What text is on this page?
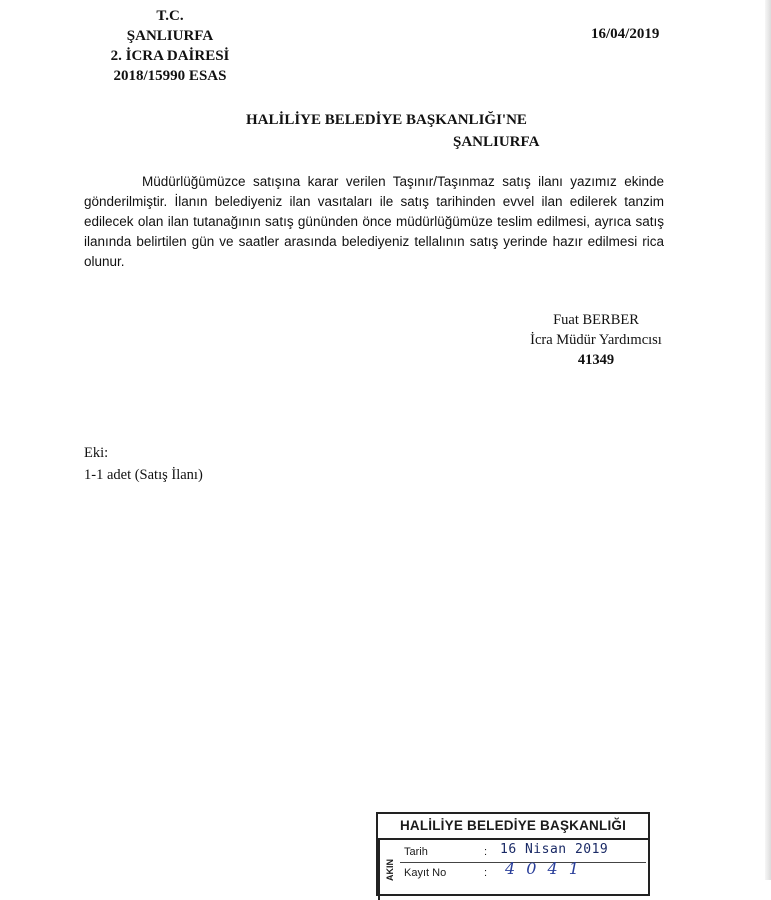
T.C.
ŞANLIURFA
2. İCRA DAİRESİ
2018/15990 ESAS
16/04/2019
HALİLİYE BELEDİYE BAŞKANLIĞI'NE
ŞANLIURFA

Müdürlüğümüzce satışına karar verilen Taşınır/Taşınmaz satış ilanı yazımız ekinde gönderilmiştir. İlanın belediyeniz ilan vasıtaları ile satış tarihinden evvel ilan edilerek tanzim edilecek olan ilan tutanağının satış gününden önce müdürlüğümüze teslim edilmesi, ayrıca satış ilanında belirtilen gün ve saatler arasında belediyeniz tellalının satış yerinde hazır edilmesi rica olunur.

Fuat BERBER
İcra Müdür Yardımcısı
41349
Eki:
1-1 adet (Satış İlanı)
HALİLİYE BELEDİYE BAŞKANLIĞI
AKIN
Tarih	: 16 Nisan 2019
Kayıt No	: 4 0 4 1
